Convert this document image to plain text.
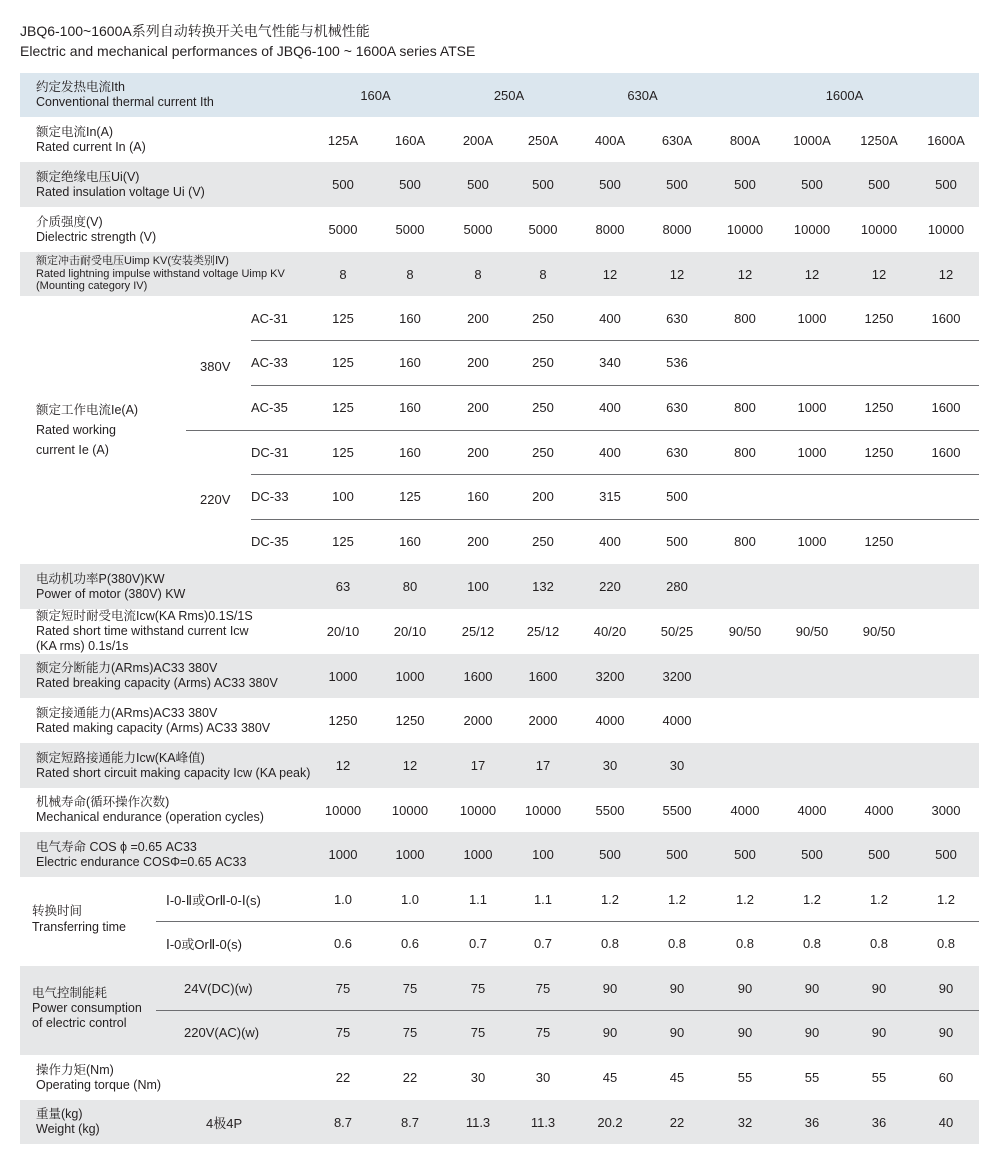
JBQ6-100~1600A系列自动转换开关电气性能与机械性能
Electric and mechanical performances of JBQ6-100 ~ 1600A series ATSE
约定发热电流Ith
Conventional thermal current Ith	160A	250A	630A	1600A
额定电流In(A)
Rated current In (A)	125A	160A	200A	250A	400A	630A	800A	1000A	1250A	1600A
额定绝缘电压Ui(V)
Rated insulation voltage Ui (V)	500	500	500	500	500	500	500	500	500	500
介质强度(V)
Dielectric strength (V)	5000	5000	5000	5000	8000	8000	10000	10000	10000	10000
额定冲击耐受电压Uimp KV(安装类别Ⅳ)
Rated lightning impulse withstand voltage Uimp KV
(Mounting category IV)
8	8	8	8	12	12	12	12	12	12
额定工作电流Ie(A)
Rated working
current Ie (A)
380V
220V
AC-31	125	160	200	250	400	630	800	1000	1250	1600
AC-33	125	160	200	250	340	536
AC-35	125	160	200	250	400	630	800	1000	1250	1600
DC-31	125	160	200	250	400	630	800	1000	1250	1600
DC-33	100	125	160	200	315	500
DC-35	125	160	200	250	400	500	800	1000	1250
电动机功率P(380V)KW
Power of motor (380V) KW	63	80	100	132	220	280
额定短时耐受电流Icw(KA Rms)0.1S/1S
Rated short time withstand current Icw
(KA rms) 0.1s/1s
20/10	20/10	25/12	25/12	40/20	50/25	90/50	90/50	90/50
额定分断能力(ARms)AC33 380V
Rated breaking capacity (Arms) AC33 380V	1000	1000	1600	1600	3200	3200
额定接通能力(ARms)AC33 380V
Rated making capacity (Arms) AC33 380V	1250	1250	2000	2000	4000	4000
额定短路接通能力Icw(KA峰值)
Rated short circuit making capacity Icw (KA peak)	12	12	17	17	30	30
机械寿命(循环操作次数)
Mechanical endurance (operation cycles)	10000	10000	10000	10000	5500	5500	4000	4000	4000	3000
电气寿命 COS ϕ =0.65 AC33
Electric endurance COSΦ=0.65 AC33	1000	1000	1000	100	500	500	500	500	500	500
转换时间
Transferring time
Ⅰ-0-Ⅱ或OrⅡ-0-Ⅰ(s)	1.0	1.0	1.1	1.1	1.2	1.2	1.2	1.2	1.2	1.2
Ⅰ-0或OrⅡ-0(s)	0.6	0.6	0.7	0.7	0.8	0.8	0.8	0.8	0.8	0.8
电气控制能耗
Power consumption
of electric control
24V(DC)(w)	75	75	75	75	90	90	90	90	90	90
220V(AC)(w)	75	75	75	75	90	90	90	90	90	90
操作力矩(Nm)
Operating torque (Nm)	22	22	30	30	45	45	55	55	55	60
重量(kg)
Weight (kg)	4极4P	8.7	8.7	11.3	11.3	20.2	22	32	36	36	40
